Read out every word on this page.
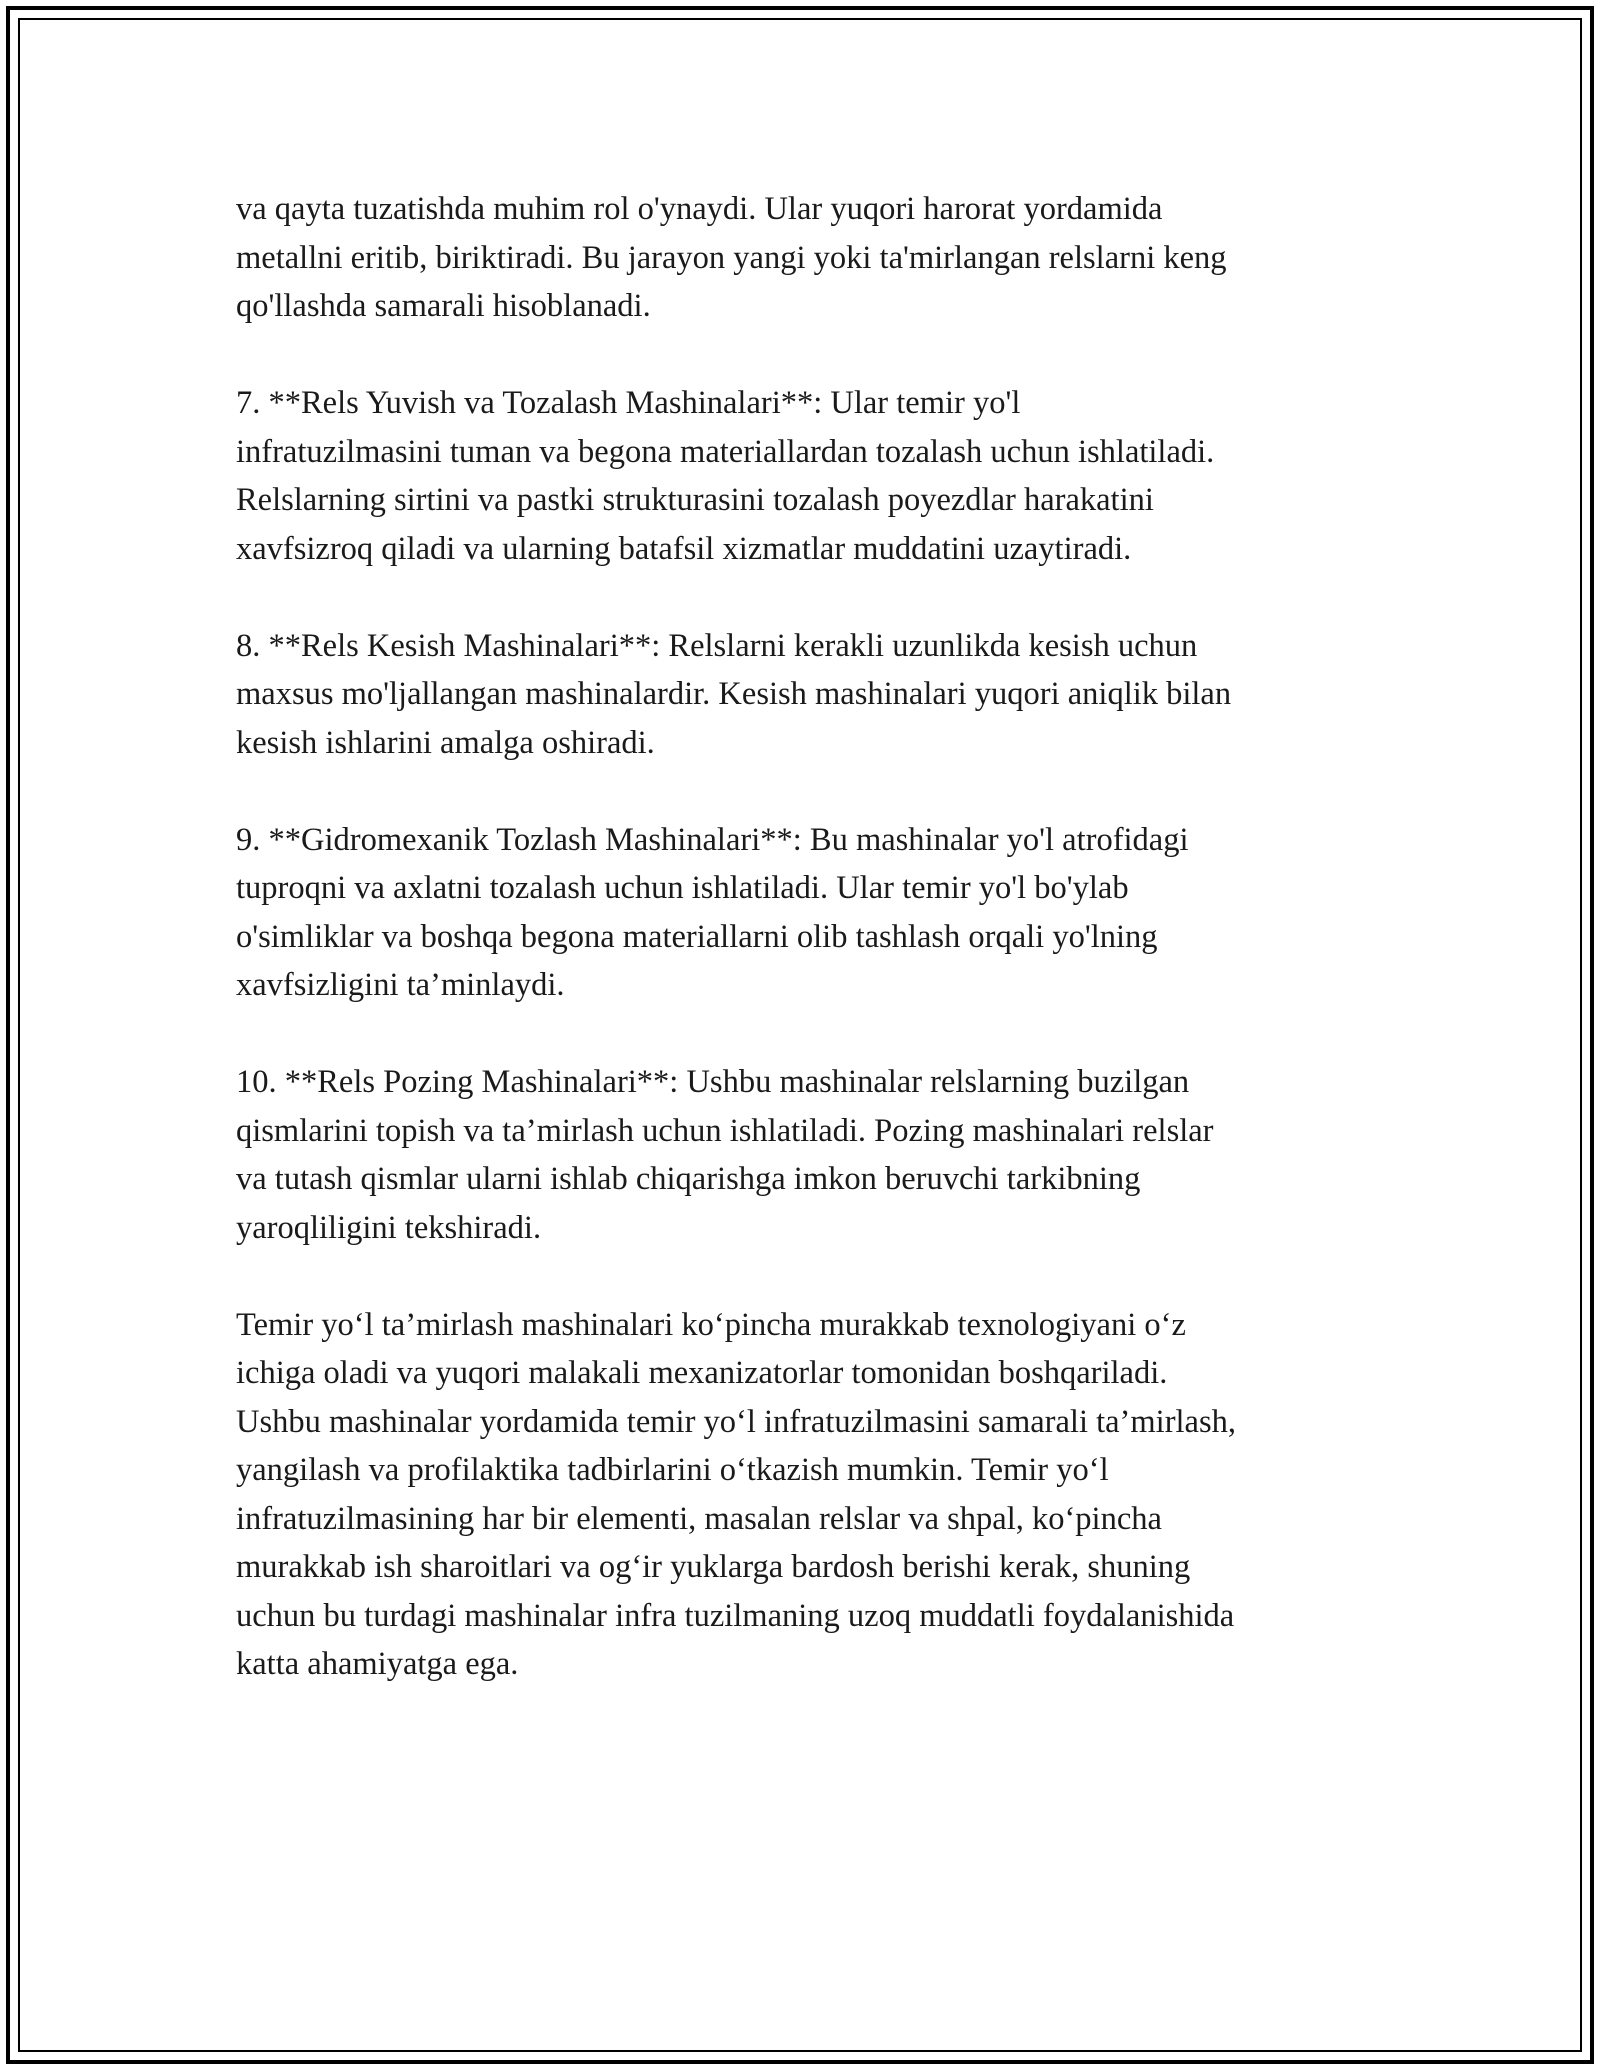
va qayta tuzatishda muhim rol o'ynaydi. Ular yuqori harorat yordamida
metallni eritib, biriktiradi. Bu jarayon yangi yoki ta'mirlangan relslarni keng
qo'llashda samarali hisoblanadi.

7. **Rels Yuvish va Tozalash Mashinalari**: Ular temir yo'l
infratuzilmasini tuman va begona materiallardan tozalash uchun ishlatiladi.
Relslarning sirtini va pastki strukturasini tozalash poyezdlar harakatini
xavfsizroq qiladi va ularning batafsil xizmatlar muddatini uzaytiradi.

8. **Rels Kesish Mashinalari**: Relslarni kerakli uzunlikda kesish uchun
maxsus mo'ljallangan mashinalardir. Kesish mashinalari yuqori aniqlik bilan
kesish ishlarini amalga oshiradi.

9. **Gidromexanik Tozlash Mashinalari**: Bu mashinalar yo'l atrofidagi
tuproqni va axlatni tozalash uchun ishlatiladi. Ular temir yo'l bo'ylab
o'simliklar va boshqa begona materiallarni olib tashlash orqali yo'lning
xavfsizligini ta’minlaydi.

10. **Rels Pozing Mashinalari**: Ushbu mashinalar relslarning buzilgan
qismlarini topish va ta’mirlash uchun ishlatiladi. Pozing mashinalari relslar
va tutash qismlar ularni ishlab chiqarishga imkon beruvchi tarkibning
yaroqliligini tekshiradi.

Temir yo‘l ta’mirlash mashinalari ko‘pincha murakkab texnologiyani o‘z
ichiga oladi va yuqori malakali mexanizatorlar tomonidan boshqariladi.
Ushbu mashinalar yordamida temir yo‘l infratuzilmasini samarali ta’mirlash,
yangilash va profilaktika tadbirlarini o‘tkazish mumkin. Temir yo‘l
infratuzilmasining har bir elementi, masalan relslar va shpal, ko‘pincha
murakkab ish sharoitlari va og‘ir yuklarga bardosh berishi kerak, shuning
uchun bu turdagi mashinalar infra tuzilmaning uzoq muddatli foydalanishida
katta ahamiyatga ega.
